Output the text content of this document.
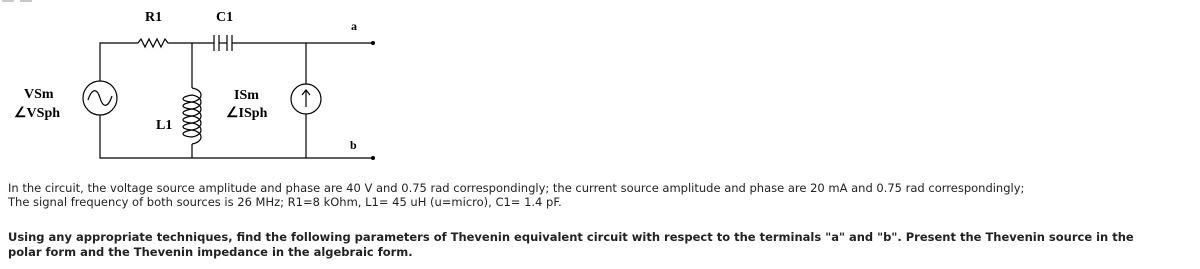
R1	C1
L1
a
b
VSm
∠VSph
ISm
∠ISph
In the circuit, the voltage source amplitude and phase are 40 V and 0.75 rad correspondingly; the current source amplitude and phase are 20 mA and 0.75 rad correspondingly;
The signal frequency of both sources is 26 MHz; R1=8 kOhm, L1= 45 uH (u=micro), C1= 1.4 pF.
Using any appropriate techniques, find the following parameters of Thevenin equivalent circuit with respect to the terminals "a" and "b". Present the Thevenin source in the
polar form and the Thevenin impedance in the algebraic form.
